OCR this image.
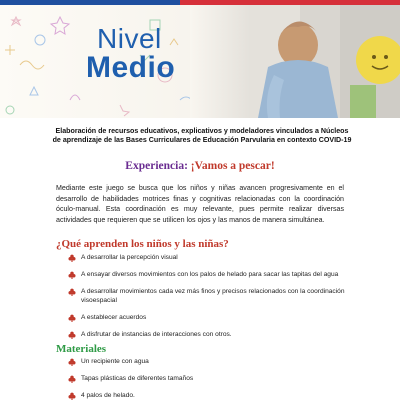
Nivel
Medio
Elaboración de recursos educativos, explicativos y modeladores vinculados a Núcleos de aprendizaje de las Bases Curriculares de Educación Parvularia en contexto COVID-19
Experiencia: ¡Vamos a pescar!
Mediante este juego se busca que los niños y niñas avancen progresivamente en el desarrollo de habilidades motrices finas y cognitivas relacionadas con la coordinación óculo-manual. Esta coordinación es muy relevante, pues permite realizar diversas actividades que requieren que se utilicen los ojos y las manos de manera simultánea.
¿Qué aprenden los niños y las niñas?
A desarrollar la percepción visual
A ensayar diversos movimientos con los palos de helado para sacar las tapitas del agua
A desarrollar movimientos cada vez más finos y precisos relacionados con la coordinación visoespacial
A establecer acuerdos
A disfrutar de instancias de interacciones con otros.
Materiales
Un recipiente con agua
Tapas plásticas de diferentes tamaños
4 palos de helado.
